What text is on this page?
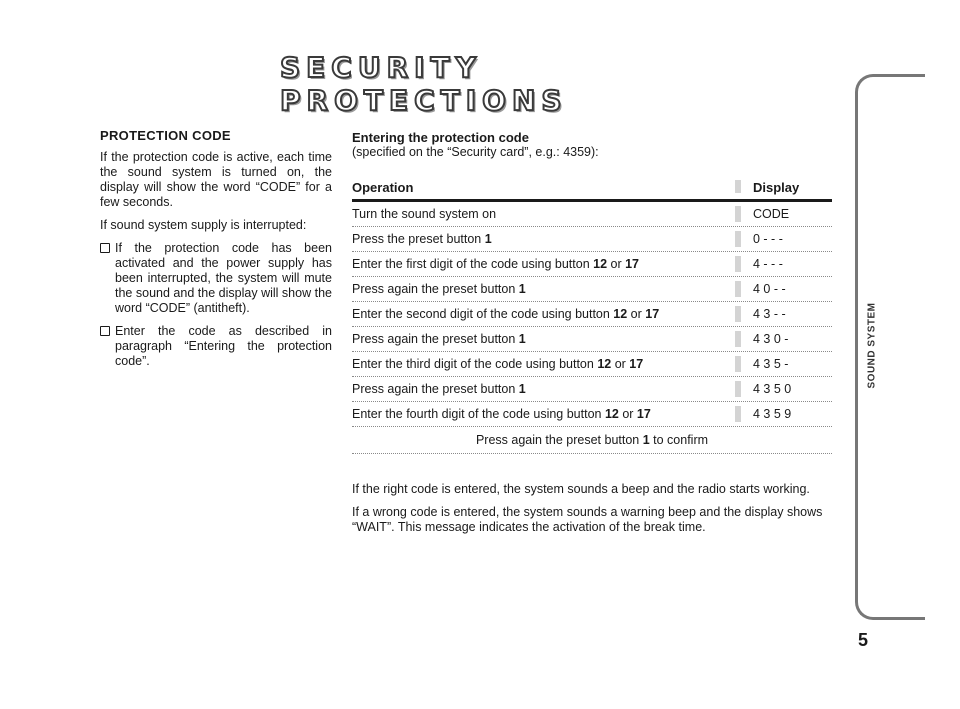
SECURITY PROTECTIONS
PROTECTION CODE

If the protection code is active, each time the sound system is turned on, the display will show the word “CODE” for a few seconds.

If sound system supply is interrupted:

If the protection code has been activated and the power supply has been interrupted, the system will mute the sound and the display will show the word “CODE” (antitheft).
Enter the code as described in paragraph “Entering the protection code”.

Entering the protection code

(specified on the “Security card”, e.g.: 4359):

Operation	Display
Turn the sound system on	CODE
Press the preset button 1	0 - - -
Enter the first digit of the code using button 12 or 17	4 - - -
Press again the preset button 1	4 0 - -
Enter the second digit of the code using button 12 or 17	4 3 - -
Press again the preset button 1	4 3 0 -
Enter the third digit of the code using button 12 or 17	4 3 5 -
Press again the preset button 1	4 3 5 0
Enter the fourth digit of the code using button 12 or 17	4 3 5 9
Press again the preset button 1 to confirm

If the right code is entered, the system sounds a beep and the radio starts working.

If a wrong code is entered, the system sounds a warning beep and the display shows “WAIT”. This message indicates the activation of the break time.

SOUND SYSTEM
5
